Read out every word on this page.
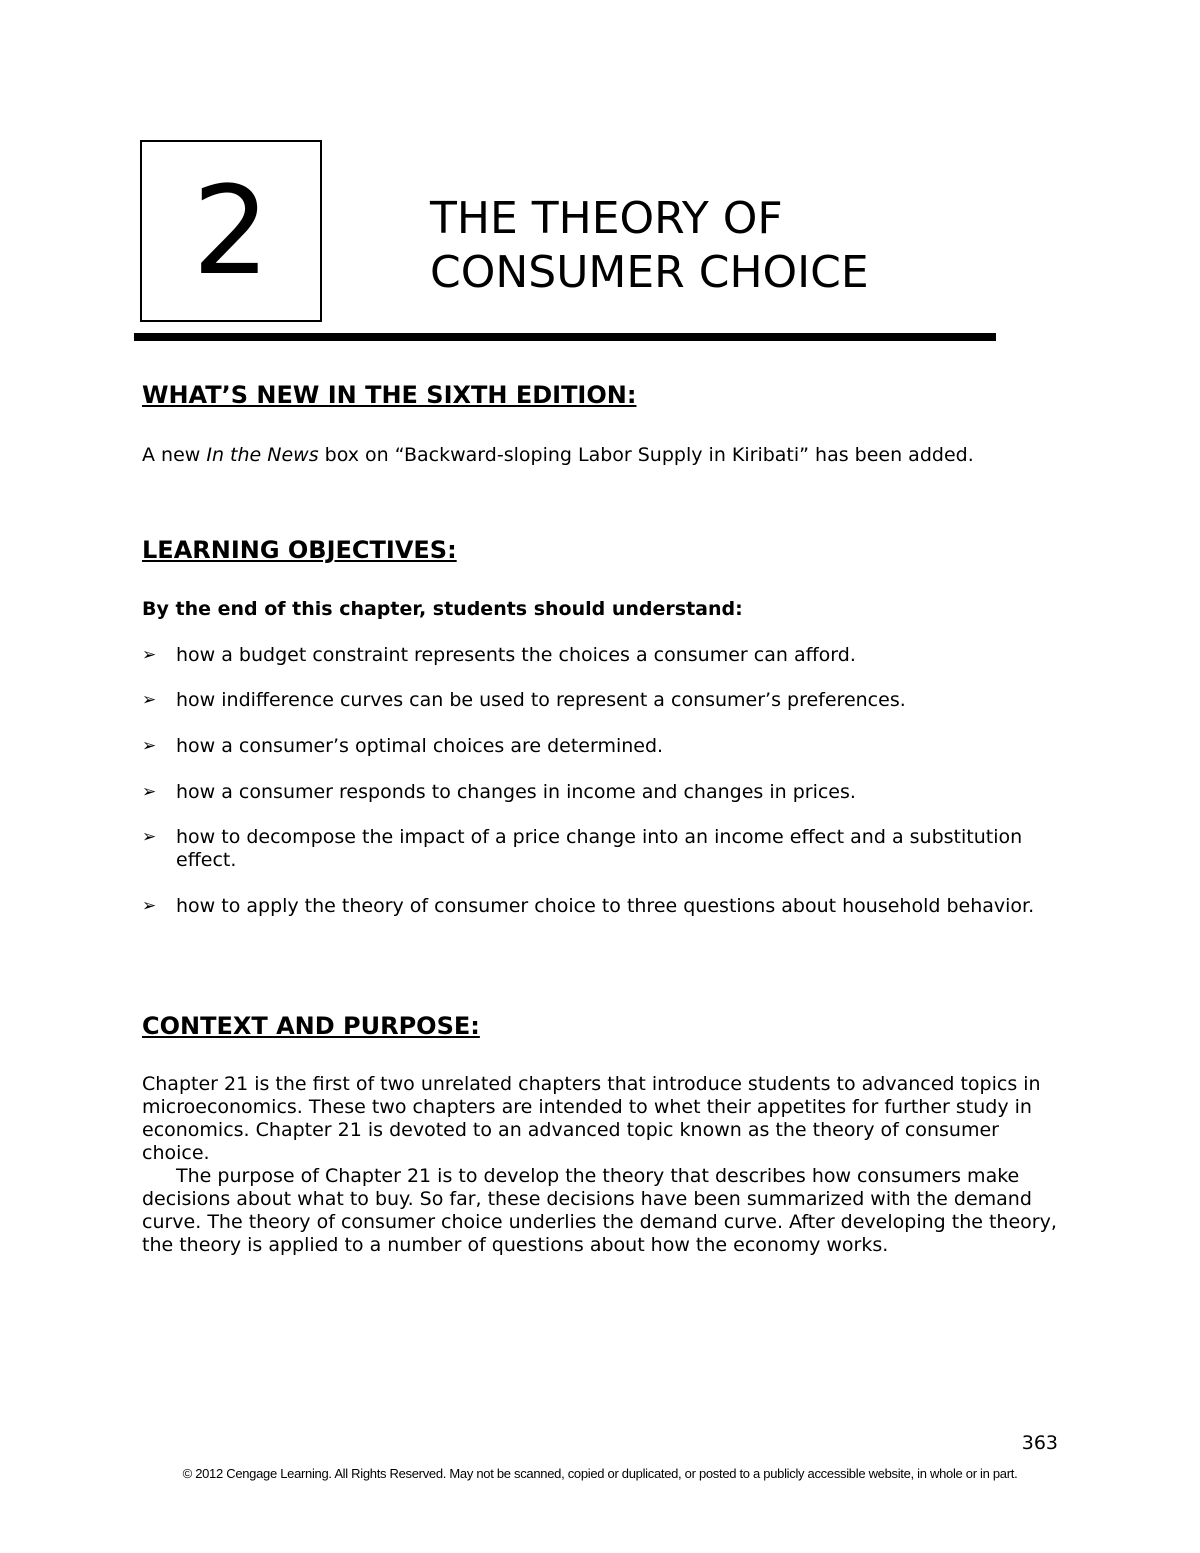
2	THE THEORY OF
CONSUMER CHOICE
WHAT’S NEW IN THE SIXTH EDITION:
A new In the News box on “Backward-sloping Labor Supply in Kiribati” has been added.
LEARNING OBJECTIVES:
By the end of this chapter, students should understand:
➢	how a budget constraint represents the choices a consumer can afford.
➢	how indifference curves can be used to represent a consumer’s preferences.
➢	how a consumer’s optimal choices are determined.
➢	how a consumer responds to changes in income and changes in prices.
➢	how to decompose the impact of a price change into an income effect and a substitution effect.
➢	how to apply the theory of consumer choice to three questions about household behavior.
CONTEXT AND PURPOSE:

Chapter 21 is the first of two unrelated chapters that introduce students to advanced topics in microeconomics. These two chapters are intended to whet their appetites for further study in economics. Chapter 21 is devoted to an advanced topic known as the theory of consumer choice.

The purpose of Chapter 21 is to develop the theory that describes how consumers make decisions about what to buy. So far, these decisions have been summarized with the demand curve. The theory of consumer choice underlies the demand curve. After developing the theory, the theory is applied to a number of questions about how the economy works.

363
© 2012 Cengage Learning. All Rights Reserved. May not be scanned, copied or duplicated, or posted to a publicly accessible website, in whole or in part.
